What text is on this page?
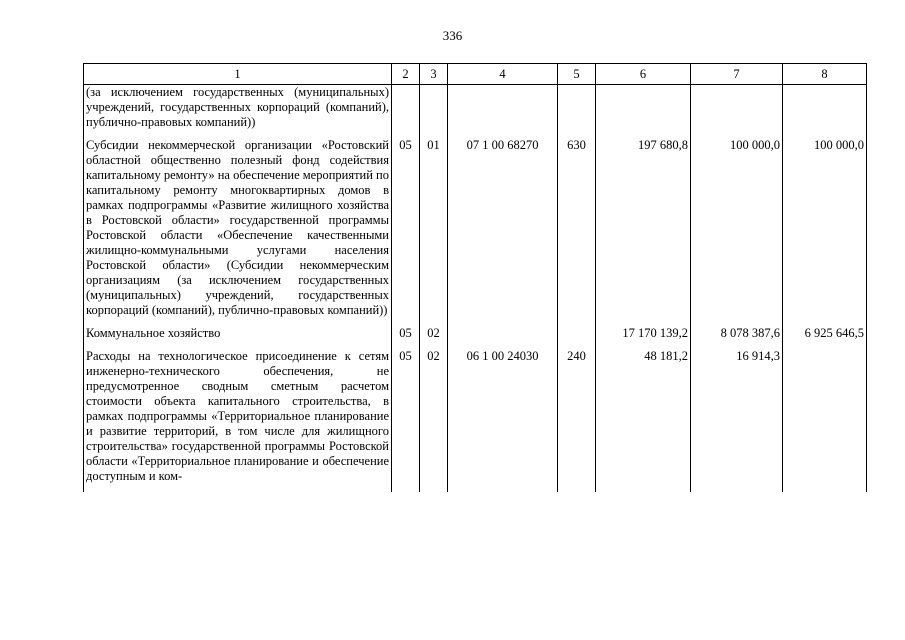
336
1	2	3	4	5	6	7	8
(за исключением государственных (муниципальных) учреждений, государственных корпораций (компаний), публично-правовых компаний))							
Субсидии некоммерческой организации «Ростовский областной общественно полезный фонд содействия капитальному ремонту» на обеспечение мероприятий по капитальному ремонту многоквартирных домов в рамках подпрограммы «Развитие жилищного хозяйства в Ростовской области» государственной программы Ростовской области «Обеспечение качественными жилищно-коммунальными услугами населения Ростовской области» (Субсидии некоммерческим организациям (за исключением государственных (муниципальных) учреждений, государственных корпораций (компаний), публично-правовых компаний))	05	01	07 1 00 68270	630	197 680,8	100 000,0	100 000,0
Коммунальное хозяйство	05	02			17 170 139,2	8 078 387,6	6 925 646,5
Расходы на технологическое присоединение к сетям инженерно-технического обеспечения, не предусмотренное сводным сметным расчетом стоимости объекта капитального строительства, в рамках подпрограммы «Территориальное планирование и развитие территорий, в том числе для жилищного строительства» государственной программы Ростовской области «Территориальное планирование и обеспечение доступным и ком-	05	02	06 1 00 24030	240	48 181,2	16 914,3	
